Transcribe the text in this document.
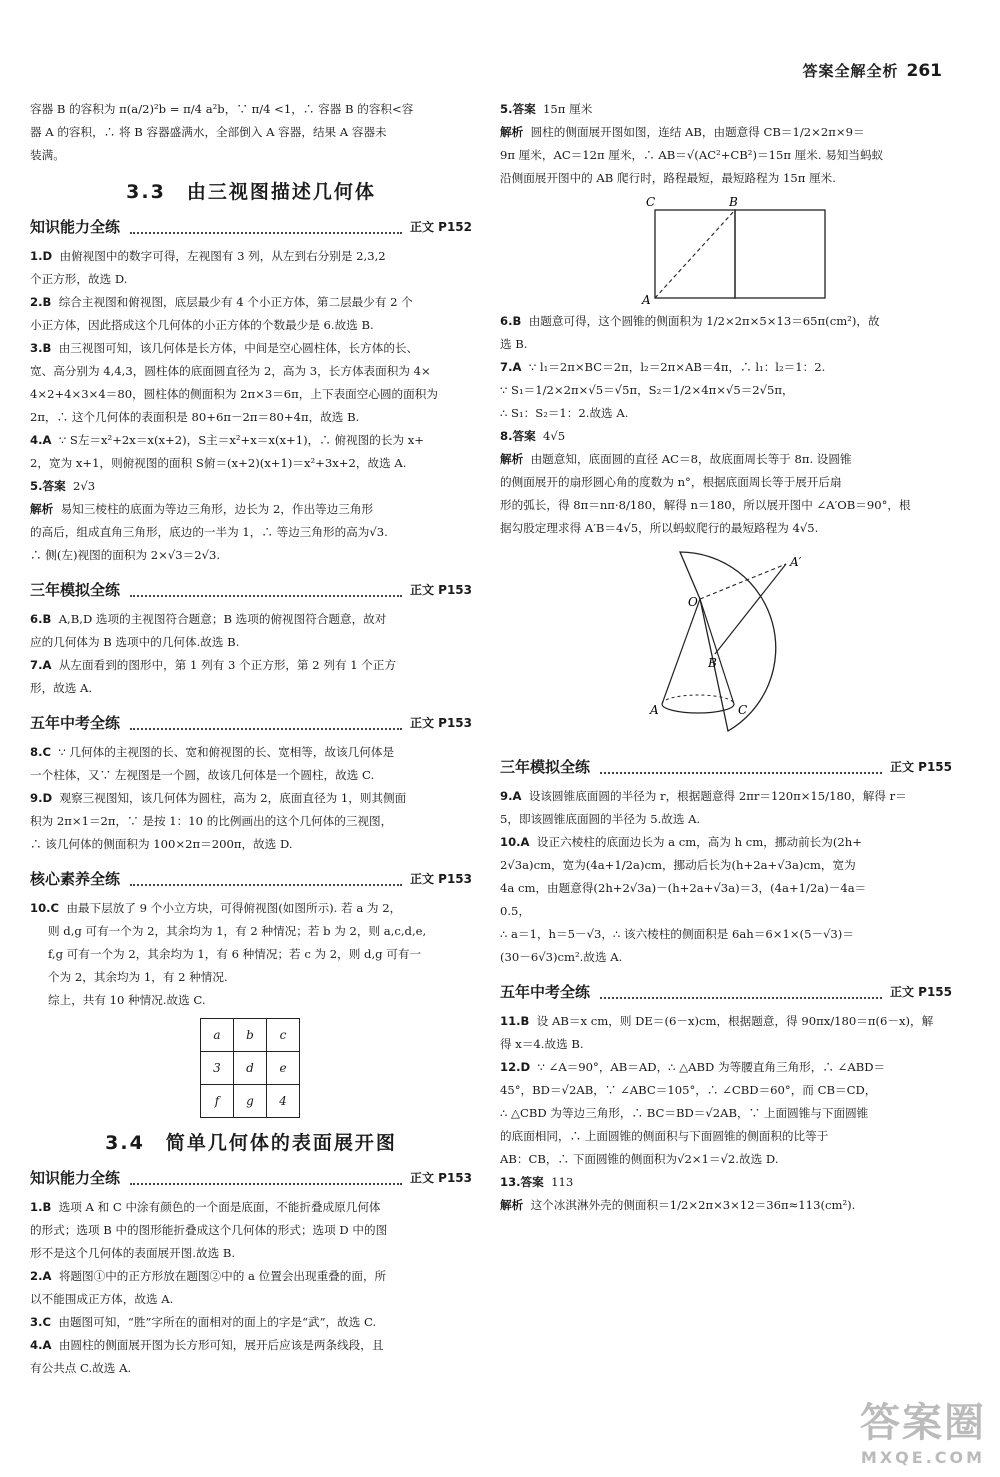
答案全解全析 261

容器 B 的容积为 π(a/2)²b = π/4 a²b，∵ π/4 <1，∴ 容器 B 的容积<容

器 A 的容积，∴ 将 B 容器盛满水，全部倒入 A 容器，结果 A 容器未

装满。

3.3　由三视图描述几何体
知识能力全练	正文 P152

1.D 由俯视图中的数字可得，左视图有 3 列，从左到右分别是 2,3,2

个正方形，故选 D.

2.B 综合主视图和俯视图，底层最少有 4 个小正方体，第二层最少有 2 个

小正方体，因此搭成这个几何体的小正方体的个数最少是 6.故选 B.

3.B 由三视图可知，该几何体是长方体，中间是空心圆柱体，长方体的长、

宽、高分别为 4,4,3，圆柱体的底面圆直径为 2，高为 3，长方体表面积为 4×

4×2+4×3×4＝80，圆柱体的侧面积为 2π×3＝6π，上下表面空心圆的面积为

2π，∴ 这个几何体的表面积是 80+6π－2π＝80+4π，故选 B.

4.A ∵ S左＝x²+2x＝x(x+2)，S主＝x²+x＝x(x+1)，∴ 俯视图的长为 x+

2，宽为 x+1，则俯视图的面积 S俯＝(x+2)(x+1)＝x²+3x+2，故选 A.

5.答案 2√3

解析 易知三棱柱的底面为等边三角形，边长为 2，作出等边三角形

的高后，组成直角三角形，底边的一半为 1，∴ 等边三角形的高为√3.

∴ 侧(左)视图的面积为 2×√3＝2√3.

三年模拟全练	正文 P153

6.B A,B,D 选项的主视图符合题意；B 选项的俯视图符合题意，故对

应的几何体为 B 选项中的几何体.故选 B.

7.A 从左面看到的图形中，第 1 列有 3 个正方形，第 2 列有 1 个正方

形，故选 A.

五年中考全练	正文 P153

8.C ∵ 几何体的主视图的长、宽和俯视图的长、宽相等，故该几何体是

一个柱体，又∵ 左视图是一个圆，故该几何体是一个圆柱，故选 C.

9.D 观察三视图知，该几何体为圆柱，高为 2，底面直径为 1，则其侧面

积为 2π×1＝2π，∵ 是按 1：10 的比例画出的这个几何体的三视图，

∴ 该几何体的侧面积为 100×2π＝200π，故选 D.

核心素养全练	正文 P153

10.C 由最下层放了 9 个小立方块，可得俯视图(如图所示). 若 a 为 2，

则 d,g 可有一个为 2，其余均为 1，有 2 种情况；若 b 为 2，则 a,c,d,e,

f,g 可有一个为 2，其余均为 1，有 6 种情况；若 c 为 2，则 d,g 可有一

个为 2，其余均为 1，有 2 种情况.

综上，共有 10 种情况.故选 C.

a	b	c
3	d	e
f	g	4
3.4　简单几何体的表面展开图
知识能力全练	正文 P153

1.B 选项 A 和 C 中涂有颜色的一个面是底面，不能折叠成原几何体

的形式；选项 B 中的图形能折叠成这个几何体的形式；选项 D 中的图

形不是这个几何体的表面展开图.故选 B.

2.A 将题图①中的正方形放在题图②中的 a 位置会出现重叠的面，所

以不能围成正方体，故选 A.

3.C 由题图可知，“胜”字所在的面相对的面上的字是“武”，故选 C.

4.A 由圆柱的侧面展开图为长方形可知，展开后应该是两条线段，且

有公共点 C.故选 A.

5.答案 15π 厘米

解析 圆柱的侧面展开图如图，连结 AB，由题意得 CB＝1/2×2π×9＝

9π 厘米，AC＝12π 厘米，∴ AB＝√(AC²+CB²)＝15π 厘米. 易知当蚂蚁

沿侧面展开图中的 AB 爬行时，路程最短，最短路程为 15π 厘米.

C	B
A

6.B 由题意可得，这个圆锥的侧面积为 1/2×2π×5×13＝65π(cm²)，故

选 B.

7.A ∵ l₁＝2π×BC＝2π，l₂＝2π×AB＝4π，∴ l₁：l₂＝1：2.

∵ S₁＝1/2×2π×√5＝√5π，S₂＝1/2×4π×√5＝2√5π，

∴ S₁：S₂＝1：2.故选 A.

8.答案 4√5

解析 由题意知，底面圆的直径 AC＝8，故底面周长等于 8π. 设圆锥

的侧面展开的扇形圆心角的度数为 n°，根据底面周长等于展开后扇

形的弧长，得 8π＝nπ·8/180，解得 n＝180，所以展开图中 ∠A′OB＝90°，根

据勾股定理求得 A′B＝4√5，所以蚂蚁爬行的最短路程为 4√5.

O
A′
B
A	C
三年模拟全练	正文 P155

9.A 设该圆锥底面圆的半径为 r，根据题意得 2πr＝120π×15/180，解得 r＝

5，即该圆锥底面圆的半径为 5.故选 A.

10.A 设正六棱柱的底面边长为 a cm，高为 h cm，挪动前长为(2h+

2√3a)cm，宽为(4a+1/2a)cm，挪动后长为(h+2a+√3a)cm，宽为

4a cm，由题意得(2h+2√3a)－(h+2a+√3a)＝3，(4a+1/2a)－4a＝

0.5，

∴ a＝1，h＝5－√3，∴ 该六棱柱的侧面积是 6ah＝6×1×(5－√3)＝

(30－6√3)cm².故选 A.

五年中考全练	正文 P155

11.B 设 AB＝x cm，则 DE＝(6－x)cm，根据题意，得 90πx/180＝π(6－x)，解

得 x＝4.故选 B.

12.D ∵ ∠A＝90°，AB＝AD，∴ △ABD 为等腰直角三角形，∴ ∠ABD＝

45°，BD＝√2AB，∵ ∠ABC＝105°，∴ ∠CBD＝60°，而 CB＝CD，

∴ △CBD 为等边三角形，∴ BC＝BD＝√2AB，∵ 上面圆锥与下面圆锥

的底面相同，∴ 上面圆锥的侧面积与下面圆锥的侧面积的比等于

AB：CB，∴ 下面圆锥的侧面积为√2×1＝√2.故选 D.

13.答案 113

解析 这个冰淇淋外壳的侧面积＝1/2×2π×3×12＝36π≈113(cm²).

答案圈
MXQE.COM
